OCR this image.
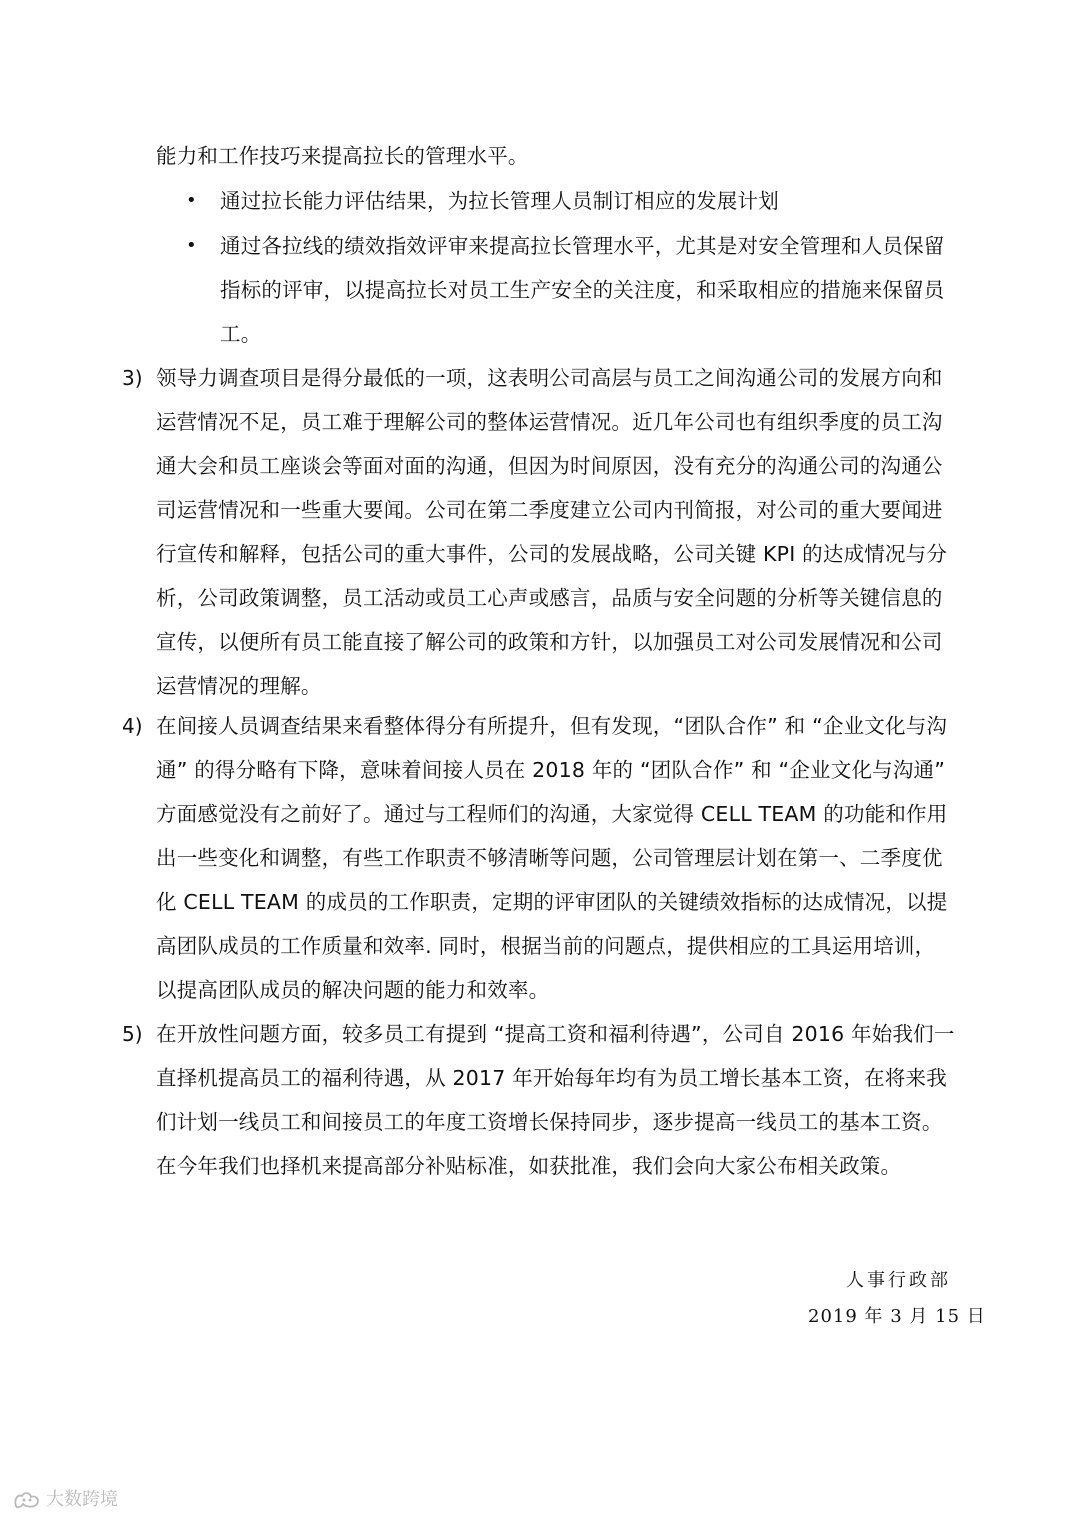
能力和工作技巧来提高拉长的管理水平。
• 通过拉长能力评估结果，为拉长管理人员制订相应的发展计划
• 通过各拉线的绩效指效评审来提高拉长管理水平，尤其是对安全管理和人员保留
指标的评审，以提高拉长对员工生产安全的关注度，和采取相应的措施来保留员
工。
3) 领导力调查项目是得分最低的一项，这表明公司高层与员工之间沟通公司的发展方向和
运营情况不足，员工难于理解公司的整体运营情况。近几年公司也有组织季度的员工沟
通大会和员工座谈会等面对面的沟通，但因为时间原因，没有充分的沟通公司的沟通公
司运营情况和一些重大要闻。公司在第二季度建立公司内刊简报，对公司的重大要闻进
行宣传和解释，包括公司的重大事件，公司的发展战略，公司关键 KPI 的达成情况与分
析，公司政策调整，员工活动或员工心声或感言，品质与安全问题的分析等关键信息的
宣传，以便所有员工能直接了解公司的政策和方针，以加强员工对公司发展情况和公司
运营情况的理解。
4) 在间接人员调查结果来看整体得分有所提升，但有发现，“团队合作” 和 “企业文化与沟
通” 的得分略有下降，意味着间接人员在 2018 年的 “团队合作” 和 “企业文化与沟通”
方面感觉没有之前好了。通过与工程师们的沟通，大家觉得 CELL TEAM 的功能和作用
出一些变化和调整，有些工作职责不够清晰等问题，公司管理层计划在第一、二季度优
化 CELL TEAM 的成员的工作职责，定期的评审团队的关键绩效指标的达成情况，以提
高团队成员的工作质量和效率. 同时，根据当前的问题点，提供相应的工具运用培训，
以提高团队成员的解决问题的能力和效率。
5) 在开放性问题方面，较多员工有提到 “提高工资和福利待遇”，公司自 2016 年始我们一
直择机提高员工的福利待遇，从 2017 年开始每年均有为员工增长基本工资，在将来我
们计划一线员工和间接员工的年度工资增长保持同步，逐步提高一线员工的基本工资。
在今年我们也择机来提高部分补贴标准，如获批准，我们会向大家公布相关政策。
人事行政部
2019 年 3 月 15 日
大数跨境
